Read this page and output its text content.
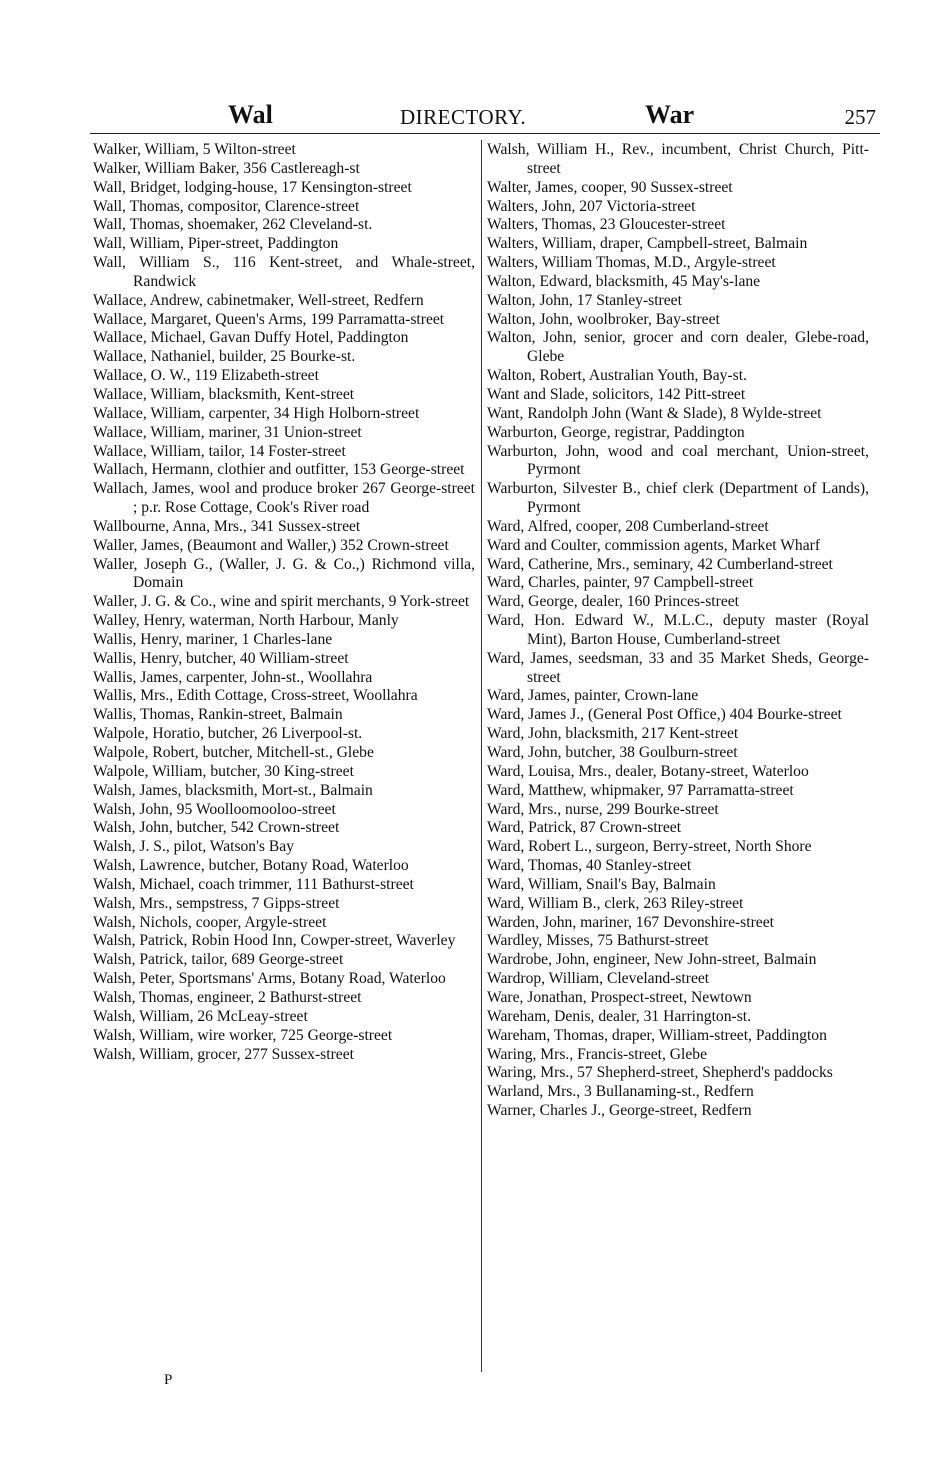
Wal	DIRECTORY.	War	257

Walker, William, 5 Wilton-street

Walker, William Baker, 356 Castlereagh-st

Wall, Bridget, lodging-house, 17 Kensington-street

Wall, Thomas, compositor, Clarence-street

Wall, Thomas, shoemaker, 262 Cleveland-st.

Wall, William, Piper-street, Paddington

Wall, William S., 116 Kent-street, and Whale-street, Randwick

Wallace, Andrew, cabinetmaker, Well-street, Redfern

Wallace, Margaret, Queen's Arms, 199 Parramatta-street

Wallace, Michael, Gavan Duffy Hotel, Paddington

Wallace, Nathaniel, builder, 25 Bourke-st.

Wallace, O. W., 119 Elizabeth-street

Wallace, William, blacksmith, Kent-street

Wallace, William, carpenter, 34 High Holborn-street

Wallace, William, mariner, 31 Union-street

Wallace, William, tailor, 14 Foster-street

Wallach, Hermann, clothier and outfitter, 153 George-street

Wallach, James, wool and produce broker 267 George-street ; p.r. Rose Cottage, Cook's River road

Wallbourne, Anna, Mrs., 341 Sussex-street

Waller, James, (Beaumont and Waller,) 352 Crown-street

Waller, Joseph G., (Waller, J. G. & Co.,) Richmond villa, Domain

Waller, J. G. & Co., wine and spirit merchants, 9 York-street

Walley, Henry, waterman, North Harbour, Manly

Wallis, Henry, mariner, 1 Charles-lane

Wallis, Henry, butcher, 40 William-street

Wallis, James, carpenter, John-st., Woollahra

Wallis, Mrs., Edith Cottage, Cross-street, Woollahra

Wallis, Thomas, Rankin-street, Balmain

Walpole, Horatio, butcher, 26 Liverpool-st.

Walpole, Robert, butcher, Mitchell-st., Glebe

Walpole, William, butcher, 30 King-street

Walsh, James, blacksmith, Mort-st., Balmain

Walsh, John, 95 Woolloomooloo-street

Walsh, John, butcher, 542 Crown-street

Walsh, J. S., pilot, Watson's Bay

Walsh, Lawrence, butcher, Botany Road, Waterloo

Walsh, Michael, coach trimmer, 111 Bathurst-street

Walsh, Mrs., sempstress, 7 Gipps-street

Walsh, Nichols, cooper, Argyle-street

Walsh, Patrick, Robin Hood Inn, Cowper-street, Waverley

Walsh, Patrick, tailor, 689 George-street

Walsh, Peter, Sportsmans' Arms, Botany Road, Waterloo

Walsh, Thomas, engineer, 2 Bathurst-street

Walsh, William, 26 McLeay-street

Walsh, William, wire worker, 725 George-street

Walsh, William, grocer, 277 Sussex-street

Walsh, William H., Rev., incumbent, Christ Church, Pitt-street

Walter, James, cooper, 90 Sussex-street

Walters, John, 207 Victoria-street

Walters, Thomas, 23 Gloucester-street

Walters, William, draper, Campbell-street, Balmain

Walters, William Thomas, M.D., Argyle-street

Walton, Edward, blacksmith, 45 May's-lane

Walton, John, 17 Stanley-street

Walton, John, woolbroker, Bay-street

Walton, John, senior, grocer and corn dealer, Glebe-road, Glebe

Walton, Robert, Australian Youth, Bay-st.

Want and Slade, solicitors, 142 Pitt-street

Want, Randolph John (Want & Slade), 8 Wylde-street

Warburton, George, registrar, Paddington

Warburton, John, wood and coal merchant, Union-street, Pyrmont

Warburton, Silvester B., chief clerk (Department of Lands), Pyrmont

Ward, Alfred, cooper, 208 Cumberland-street

Ward and Coulter, commission agents, Market Wharf

Ward, Catherine, Mrs., seminary, 42 Cumberland-street

Ward, Charles, painter, 97 Campbell-street

Ward, George, dealer, 160 Princes-street

Ward, Hon. Edward W., M.L.C., deputy master (Royal Mint), Barton House, Cumberland-street

Ward, James, seedsman, 33 and 35 Market Sheds, George-street

Ward, James, painter, Crown-lane

Ward, James J., (General Post Office,) 404 Bourke-street

Ward, John, blacksmith, 217 Kent-street

Ward, John, butcher, 38 Goulburn-street

Ward, Louisa, Mrs., dealer, Botany-street, Waterloo

Ward, Matthew, whipmaker, 97 Parramatta-street

Ward, Mrs., nurse, 299 Bourke-street

Ward, Patrick, 87 Crown-street

Ward, Robert L., surgeon, Berry-street, North Shore

Ward, Thomas, 40 Stanley-street

Ward, William, Snail's Bay, Balmain

Ward, William B., clerk, 263 Riley-street

Warden, John, mariner, 167 Devonshire-street

Wardley, Misses, 75 Bathurst-street

Wardrobe, John, engineer, New John-street, Balmain

Wardrop, William, Cleveland-street

Ware, Jonathan, Prospect-street, Newtown

Wareham, Denis, dealer, 31 Harrington-st.

Wareham, Thomas, draper, William-street, Paddington

Waring, Mrs., Francis-street, Glebe

Waring, Mrs., 57 Shepherd-street, Shepherd's paddocks

Warland, Mrs., 3 Bullanaming-st., Redfern

Warner, Charles J., George-street, Redfern

P
